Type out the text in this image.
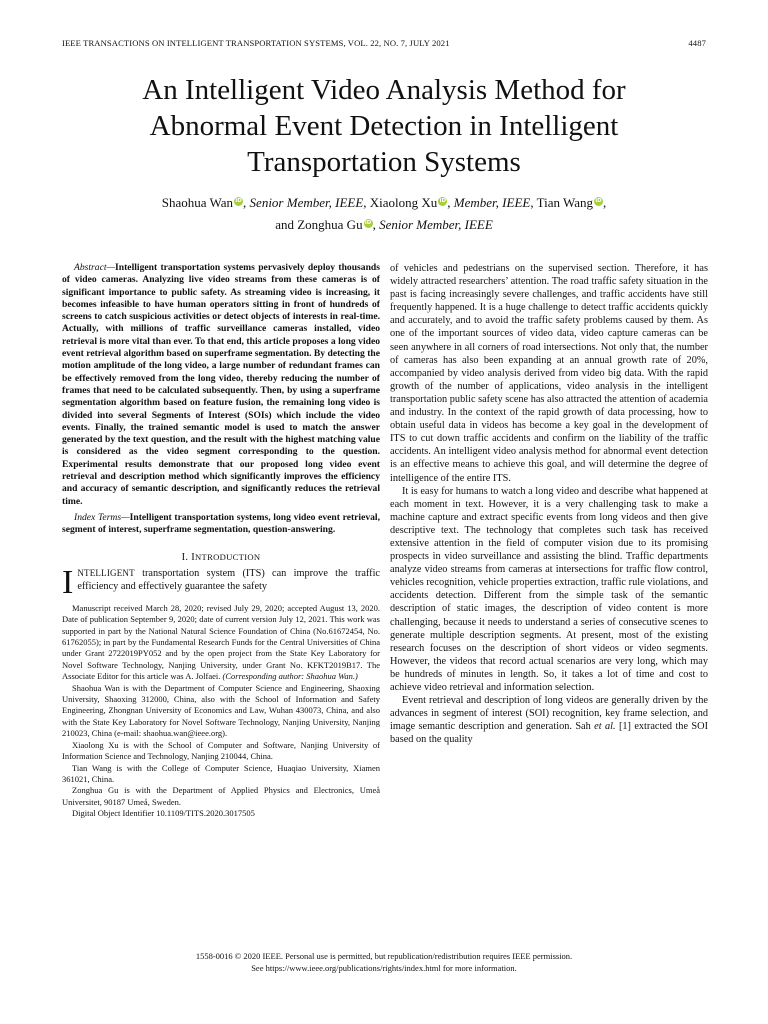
IEEE TRANSACTIONS ON INTELLIGENT TRANSPORTATION SYSTEMS, VOL. 22, NO. 7, JULY 2021	4487
An Intelligent Video Analysis Method for
Abnormal Event Detection in Intelligent
Transportation Systems
Shaohua Wan iD, Senior Member, IEEE, Xiaolong Xu iD, Member, IEEE, Tian Wang iD,
and Zonghua Gu iD, Senior Member, IEEE

Abstract—Intelligent transportation systems pervasively deploy thousands of video cameras. Analyzing live video streams from these cameras is of significant importance to public safety. As streaming video is increasing, it becomes infeasible to have human operators sitting in front of hundreds of screens to catch suspicious activities or detect objects of interests in real-time. Actually, with millions of traffic surveillance cameras installed, video retrieval is more vital than ever. To that end, this article proposes a long video event retrieval algorithm based on superframe segmentation. By detecting the motion amplitude of the long video, a large number of redundant frames can be effectively removed from the long video, thereby reducing the number of frames that need to be calculated subsequently. Then, by using a superframe segmentation algorithm based on feature fusion, the remaining long video is divided into several Segments of Interest (SOIs) which include the video events. Finally, the trained semantic model is used to match the answer generated by the text question, and the result with the highest matching value is considered as the video segment corresponding to the question. Experimental results demonstrate that our proposed long video event retrieval and description method which significantly improves the efficiency and accuracy of semantic description, and significantly reduces the retrieval time.

Index Terms—Intelligent transportation systems, long video event retrieval, segment of interest, superframe segmentation, question-answering.

I. INTRODUCTION

INTELLIGENT transportation system (ITS) can improve the traffic efficiency and effectively guarantee the safety

Manuscript received March 28, 2020; revised July 29, 2020; accepted August 13, 2020. Date of publication September 9, 2020; date of current version July 12, 2021. This work was supported in part by the National Natural Science Foundation of China (No.61672454, No. 61762055); in part by the Fundamental Research Funds for the Central Universities of China under Grant 2722019PY052 and by the open project from the State Key Laboratory for Novel Software Technology, Nanjing University, under Grant No. KFKT2019B17. The Associate Editor for this article was A. Jolfaei. (Corresponding author: Shaohua Wan.)

Shaohua Wan is with the Department of Computer Science and Engineering, Shaoxing University, Shaoxing 312000, China, also with the School of Information and Safety Engineering, Zhongnan University of Economics and Law, Wuhan 430073, China, and also with the State Key Laboratory for Novel Software Technology, Nanjing University, Nanjing 210023, China (e-mail: shaohua.wan@ieee.org).

Xiaolong Xu is with the School of Computer and Software, Nanjing University of Information Science and Technology, Nanjing 210044, China.

Tian Wang is with the College of Computer Science, Huaqiao University, Xiamen 361021, China.

Zonghua Gu is with the Department of Applied Physics and Electronics, Umeå Universitet, 90187 Umeå, Sweden.

Digital Object Identifier 10.1109/TITS.2020.3017505

of vehicles and pedestrians on the supervised section. Therefore, it has widely attracted researchers’ attention. The road traffic safety situation in the past is facing increasingly severe challenges, and traffic accidents have still frequently happened. It is a huge challenge to detect traffic accidents quickly and accurately, and to avoid the traffic safety problems caused by them. As one of the important sources of video data, video capture cameras can be seen anywhere in all corners of road intersections. Not only that, the number of cameras has also been expanding at an annual growth rate of 20%, accompanied by video analysis derived from video big data. With the rapid growth of the number of applications, video analysis in the intelligent transportation public safety scene has also attracted the attention of academia and industry. In the context of the rapid growth of data processing, how to obtain useful data in videos has become a key goal in the development of ITS to cut down traffic accidents and confirm on the liability of the traffic accidents. An intelligent video analysis method for abnormal event detection is an effective means to achieve this goal, and will determine the degree of intelligence of the entire ITS.

It is easy for humans to watch a long video and describe what happened at each moment in text. However, it is a very challenging task to make a machine capture and extract specific events from long videos and then give descriptive text. The technology that completes such task has received extensive attention in the field of computer vision due to its promising prospects in video surveillance and assisting the blind. Traffic departments analyze video streams from cameras at intersections for traffic flow control, vehicles recognition, vehicle properties extraction, traffic rule violations, and accidents detection. Different from the simple task of the semantic description of static images, the description of video content is more challenging, because it needs to understand a series of consecutive scenes to generate multiple description segments. At present, most of the existing research focuses on the description of short videos or video segments. However, the videos that record actual scenarios are very long, which may be hundreds of minutes in length. So, it takes a lot of time and cost to achieve video retrieval and information selection.

Event retrieval and description of long videos are generally driven by the advances in segment of interest (SOI) recognition, key frame selection, and image semantic description and generation. Sah et al. [1] extracted the SOI based on the quality

1558-0016 © 2020 IEEE. Personal use is permitted, but republication/redistribution requires IEEE permission.
See https://www.ieee.org/publications/rights/index.html for more information.
